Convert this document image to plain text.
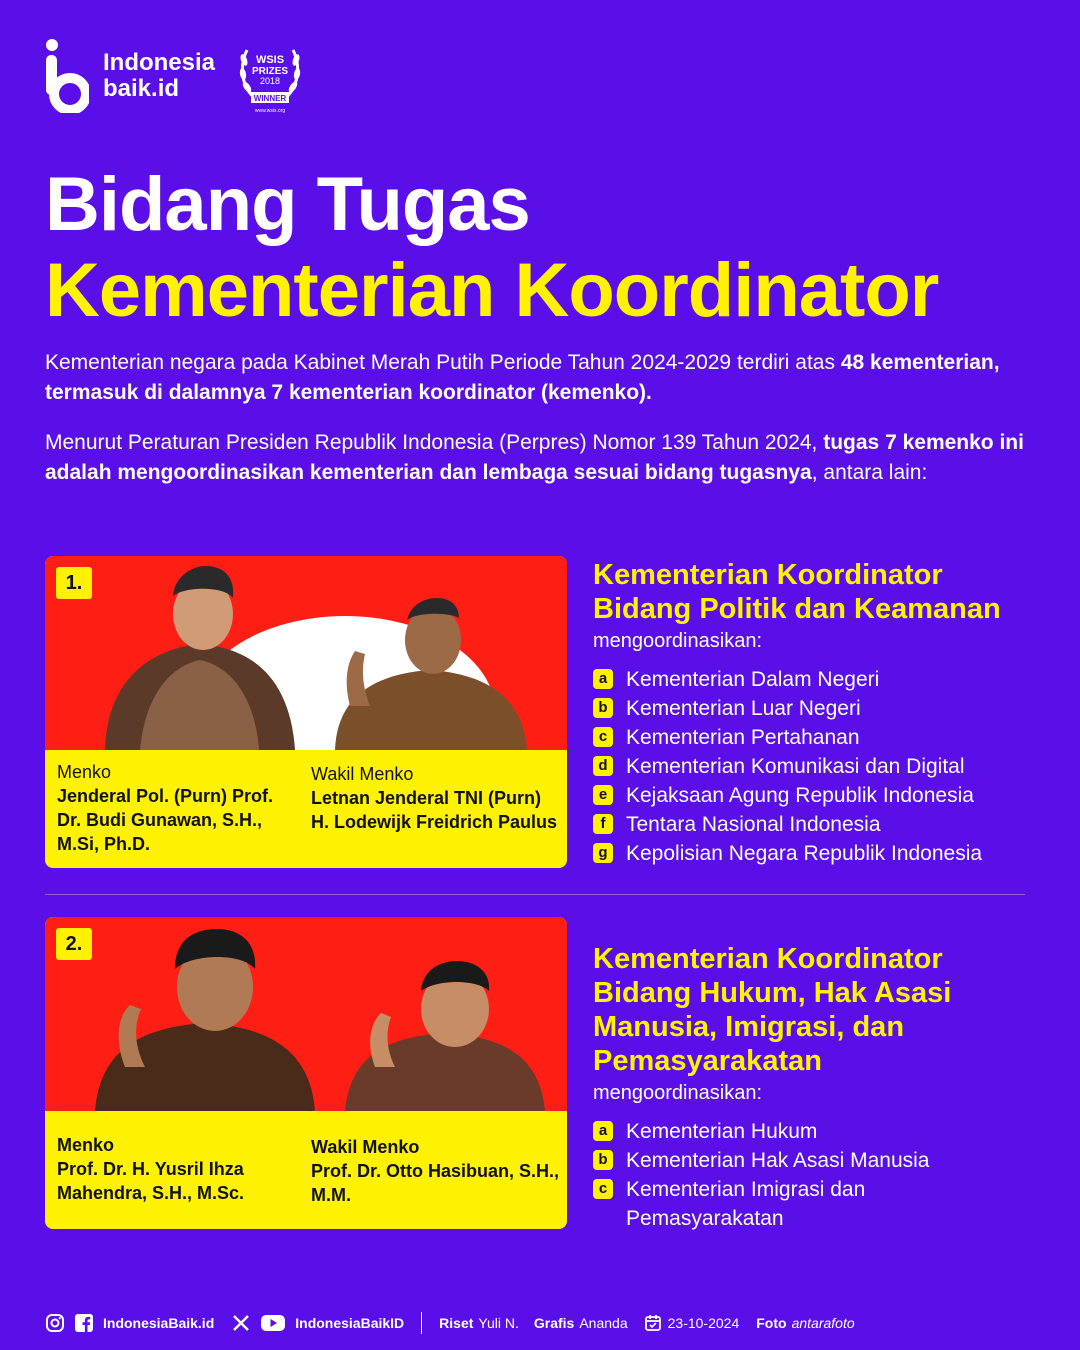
Indonesia
baik.id
WSIS
PRIZES
2018
WINNER
www.wsis.org
Bidang Tugas
Kementerian Koordinator

Kementerian negara pada Kabinet Merah Putih Periode Tahun 2024-2029 terdiri atas 48 kementerian, termasuk di dalamnya 7 kementerian koordinator (kemenko).

Menurut Peraturan Presiden Republik Indonesia (Perpres) Nomor 139 Tahun 2024, tugas 7 kemenko ini adalah mengoordinasikan kementerian dan lembaga sesuai bidang tugasnya, antara lain:

1.
Menko
Jenderal Pol. (Purn) Prof. Dr. Budi Gunawan, S.H., M.Si, Ph.D.
Wakil Menko
Letnan Jenderal TNI (Purn) H. Lodewijk Freidrich Paulus
Kementerian Koordinator
Bidang Politik dan Keamanan
mengoordinasikan:
a Kementerian Dalam Negeri
b Kementerian Luar Negeri
c Kementerian Pertahanan
d Kementerian Komunikasi dan Digital
e Kejaksaan Agung Republik Indonesia
f Tentara Nasional Indonesia
g Kepolisian Negara Republik Indonesia
2.
Menko
Prof. Dr. H. Yusril Ihza Mahendra, S.H., M.Sc.
Wakil Menko
Prof. Dr. Otto Hasibuan, S.H., M.M.
Kementerian Koordinator
Bidang Hukum, Hak Asasi
Manusia, Imigrasi, dan
Pemasyarakatan
mengoordinasikan:
a Kementerian Hukum
b Kementerian Hak Asasi Manusia
c Kementerian Imigrasi dan Pemasyarakatan
IndonesiaBaik.id	IndonesiaBaikID	Riset Yuli N. Grafis Ananda	23-10-2024 Foto antarafoto
